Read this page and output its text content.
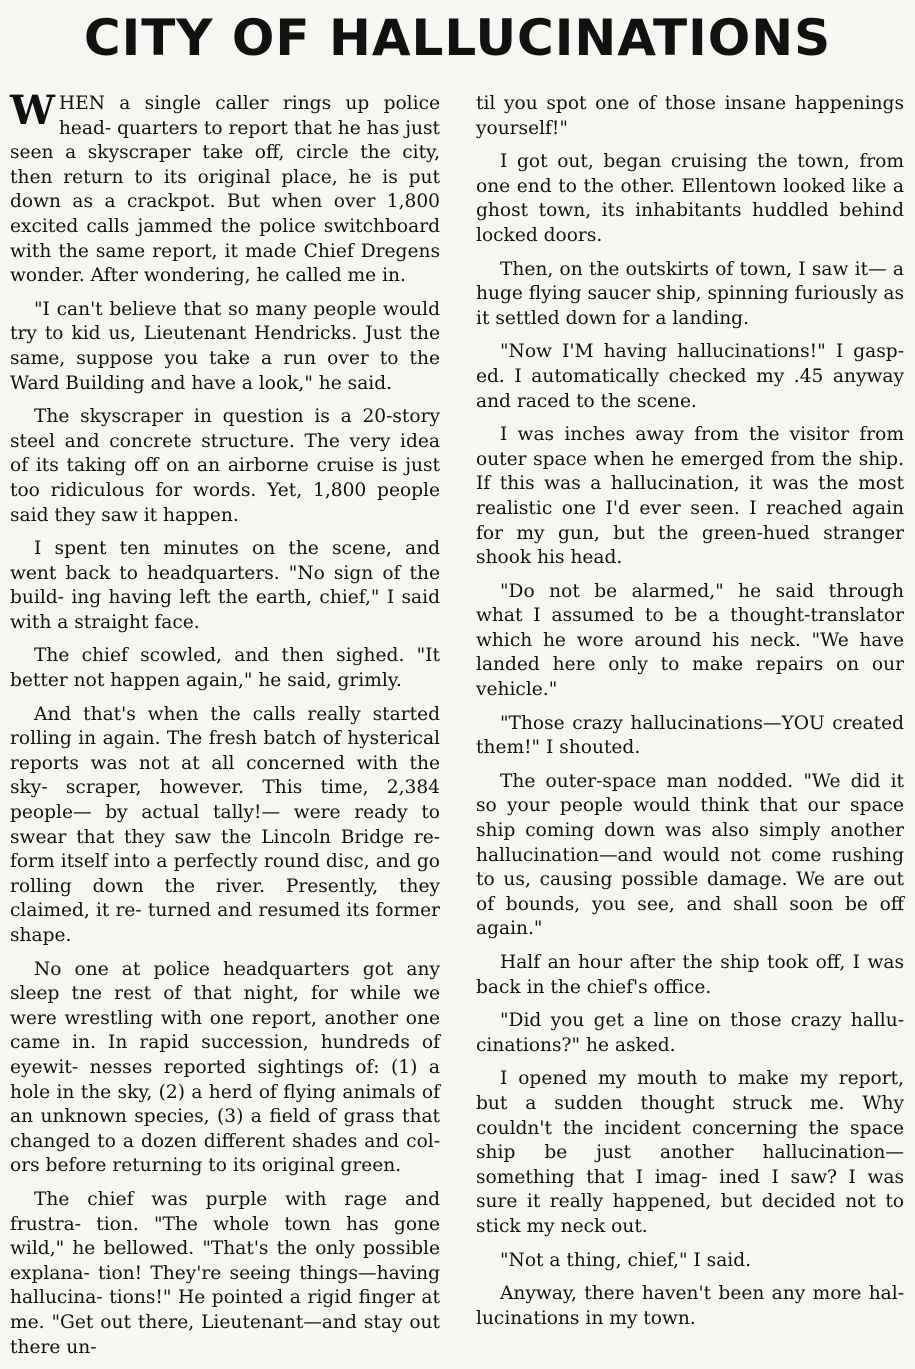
CITY OF HALLUCINATIONS

WHEN a single caller rings up police head- quarters to report that he has just seen a skyscraper take off, circle the city, then return to its original place, he is put down as a crackpot. But when over 1,800 excited calls jammed the police switchboard with the same report, it made Chief Dregens wonder. After wondering, he called me in.

"I can't believe that so many people would try to kid us, Lieutenant Hendricks. Just the same, suppose you take a run over to the Ward Building and have a look," he said.

The skyscraper in question is a 20-story steel and concrete structure. The very idea of its taking off on an airborne cruise is just too ridiculous for words. Yet, 1,800 people said they saw it happen.

I spent ten minutes on the scene, and went back to headquarters. "No sign of the build- ing having left the earth, chief," I said with a straight face.

The chief scowled, and then sighed. "It better not happen again," he said, grimly.

And that's when the calls really started rolling in again. The fresh batch of hysterical reports was not at all concerned with the sky- scraper, however. This time, 2,384 people— by actual tally!— were ready to swear that they saw the Lincoln Bridge re-form itself into a perfectly round disc, and go rolling down the river. Presently, they claimed, it re- turned and resumed its former shape.

No one at police headquarters got any sleep tne rest of that night, for while we were wrestling with one report, another one came in. In rapid succession, hundreds of eyewit- nesses reported sightings of: (1) a hole in the sky, (2) a herd of flying animals of an unknown species, (3) a field of grass that changed to a dozen different shades and col- ors before returning to its original green.

The chief was purple with rage and frustra- tion. "The whole town has gone wild," he bellowed. "That's the only possible explana- tion! They're seeing things—having hallucina- tions!" He pointed a rigid finger at me. "Get out there, Lieutenant—and stay out there un-

til you spot one of those insane happenings yourself!"

I got out, began cruising the town, from one end to the other. Ellentown looked like a ghost town, its inhabitants huddled behind locked doors.

Then, on the outskirts of town, I saw it— a huge flying saucer ship, spinning furiously as it settled down for a landing.

"Now I'M having hallucinations!" I gasp- ed. I automatically checked my .45 anyway and raced to the scene.

I was inches away from the visitor from outer space when he emerged from the ship. If this was a hallucination, it was the most realistic one I'd ever seen. I reached again for my gun, but the green-hued stranger shook his head.

"Do not be alarmed," he said through what I assumed to be a thought-translator which he wore around his neck. "We have landed here only to make repairs on our vehicle."

"Those crazy hallucinations—YOU created them!" I shouted.

The outer-space man nodded. "We did it so your people would think that our space ship coming down was also simply another hallucination—and would not come rushing to us, causing possible damage. We are out of bounds, you see, and shall soon be off again."

Half an hour after the ship took off, I was back in the chief's office.

"Did you get a line on those crazy hallu- cinations?" he asked.

I opened my mouth to make my report, but a sudden thought struck me. Why couldn't the incident concerning the space ship be just another hallucination—something that I imag- ined I saw? I was sure it really happened, but decided not to stick my neck out.

"Not a thing, chief," I said.

Anyway, there haven't been any more hal- lucinations in my town.
